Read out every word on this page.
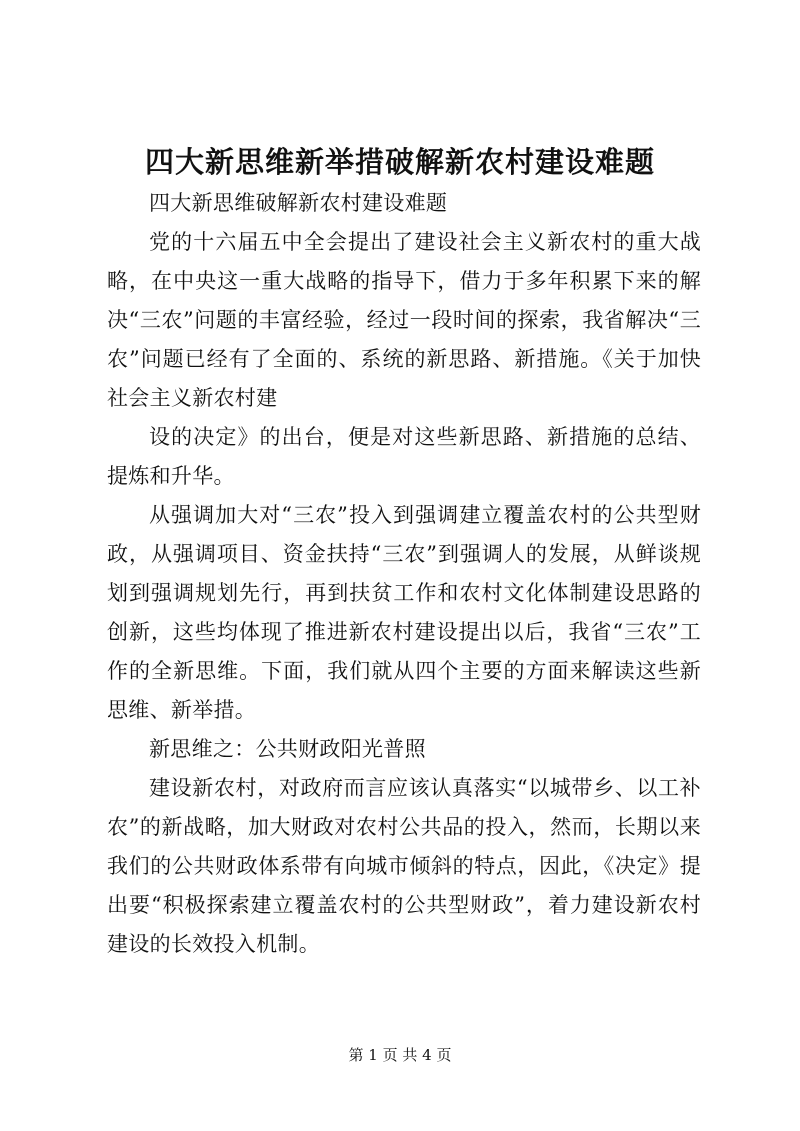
四大新思维新举措破解新农村建设难题

四大新思维破解新农村建设难题

党的十六届五中全会提出了建设社会主义新农村的重大战略，在中央这一重大战略的指导下，借力于多年积累下来的解决“三农”问题的丰富经验，经过一段时间的探索，我省解决“三农”问题已经有了全面的、系统的新思路、新措施。《关于加快社会主义新农村建

设的决定》的出台，便是对这些新思路、新措施的总结、提炼和升华。

从强调加大对“三农”投入到强调建立覆盖农村的公共型财政，从强调项目、资金扶持“三农”到强调人的发展，从鲜谈规划到强调规划先行，再到扶贫工作和农村文化体制建设思路的创新，这些均体现了推进新农村建设提出以后，我省“三农”工作的全新思维。下面，我们就从四个主要的方面来解读这些新思维、新举措。

新思维之：公共财政阳光普照

建设新农村，对政府而言应该认真落实“以城带乡、以工补农”的新战略，加大财政对农村公共品的投入，然而，长期以来我们的公共财政体系带有向城市倾斜的特点，因此，《决定》提出要“积极探索建立覆盖农村的公共型财政”，着力建设新农村建设的长效投入机制。

第 1 页 共 4 页
